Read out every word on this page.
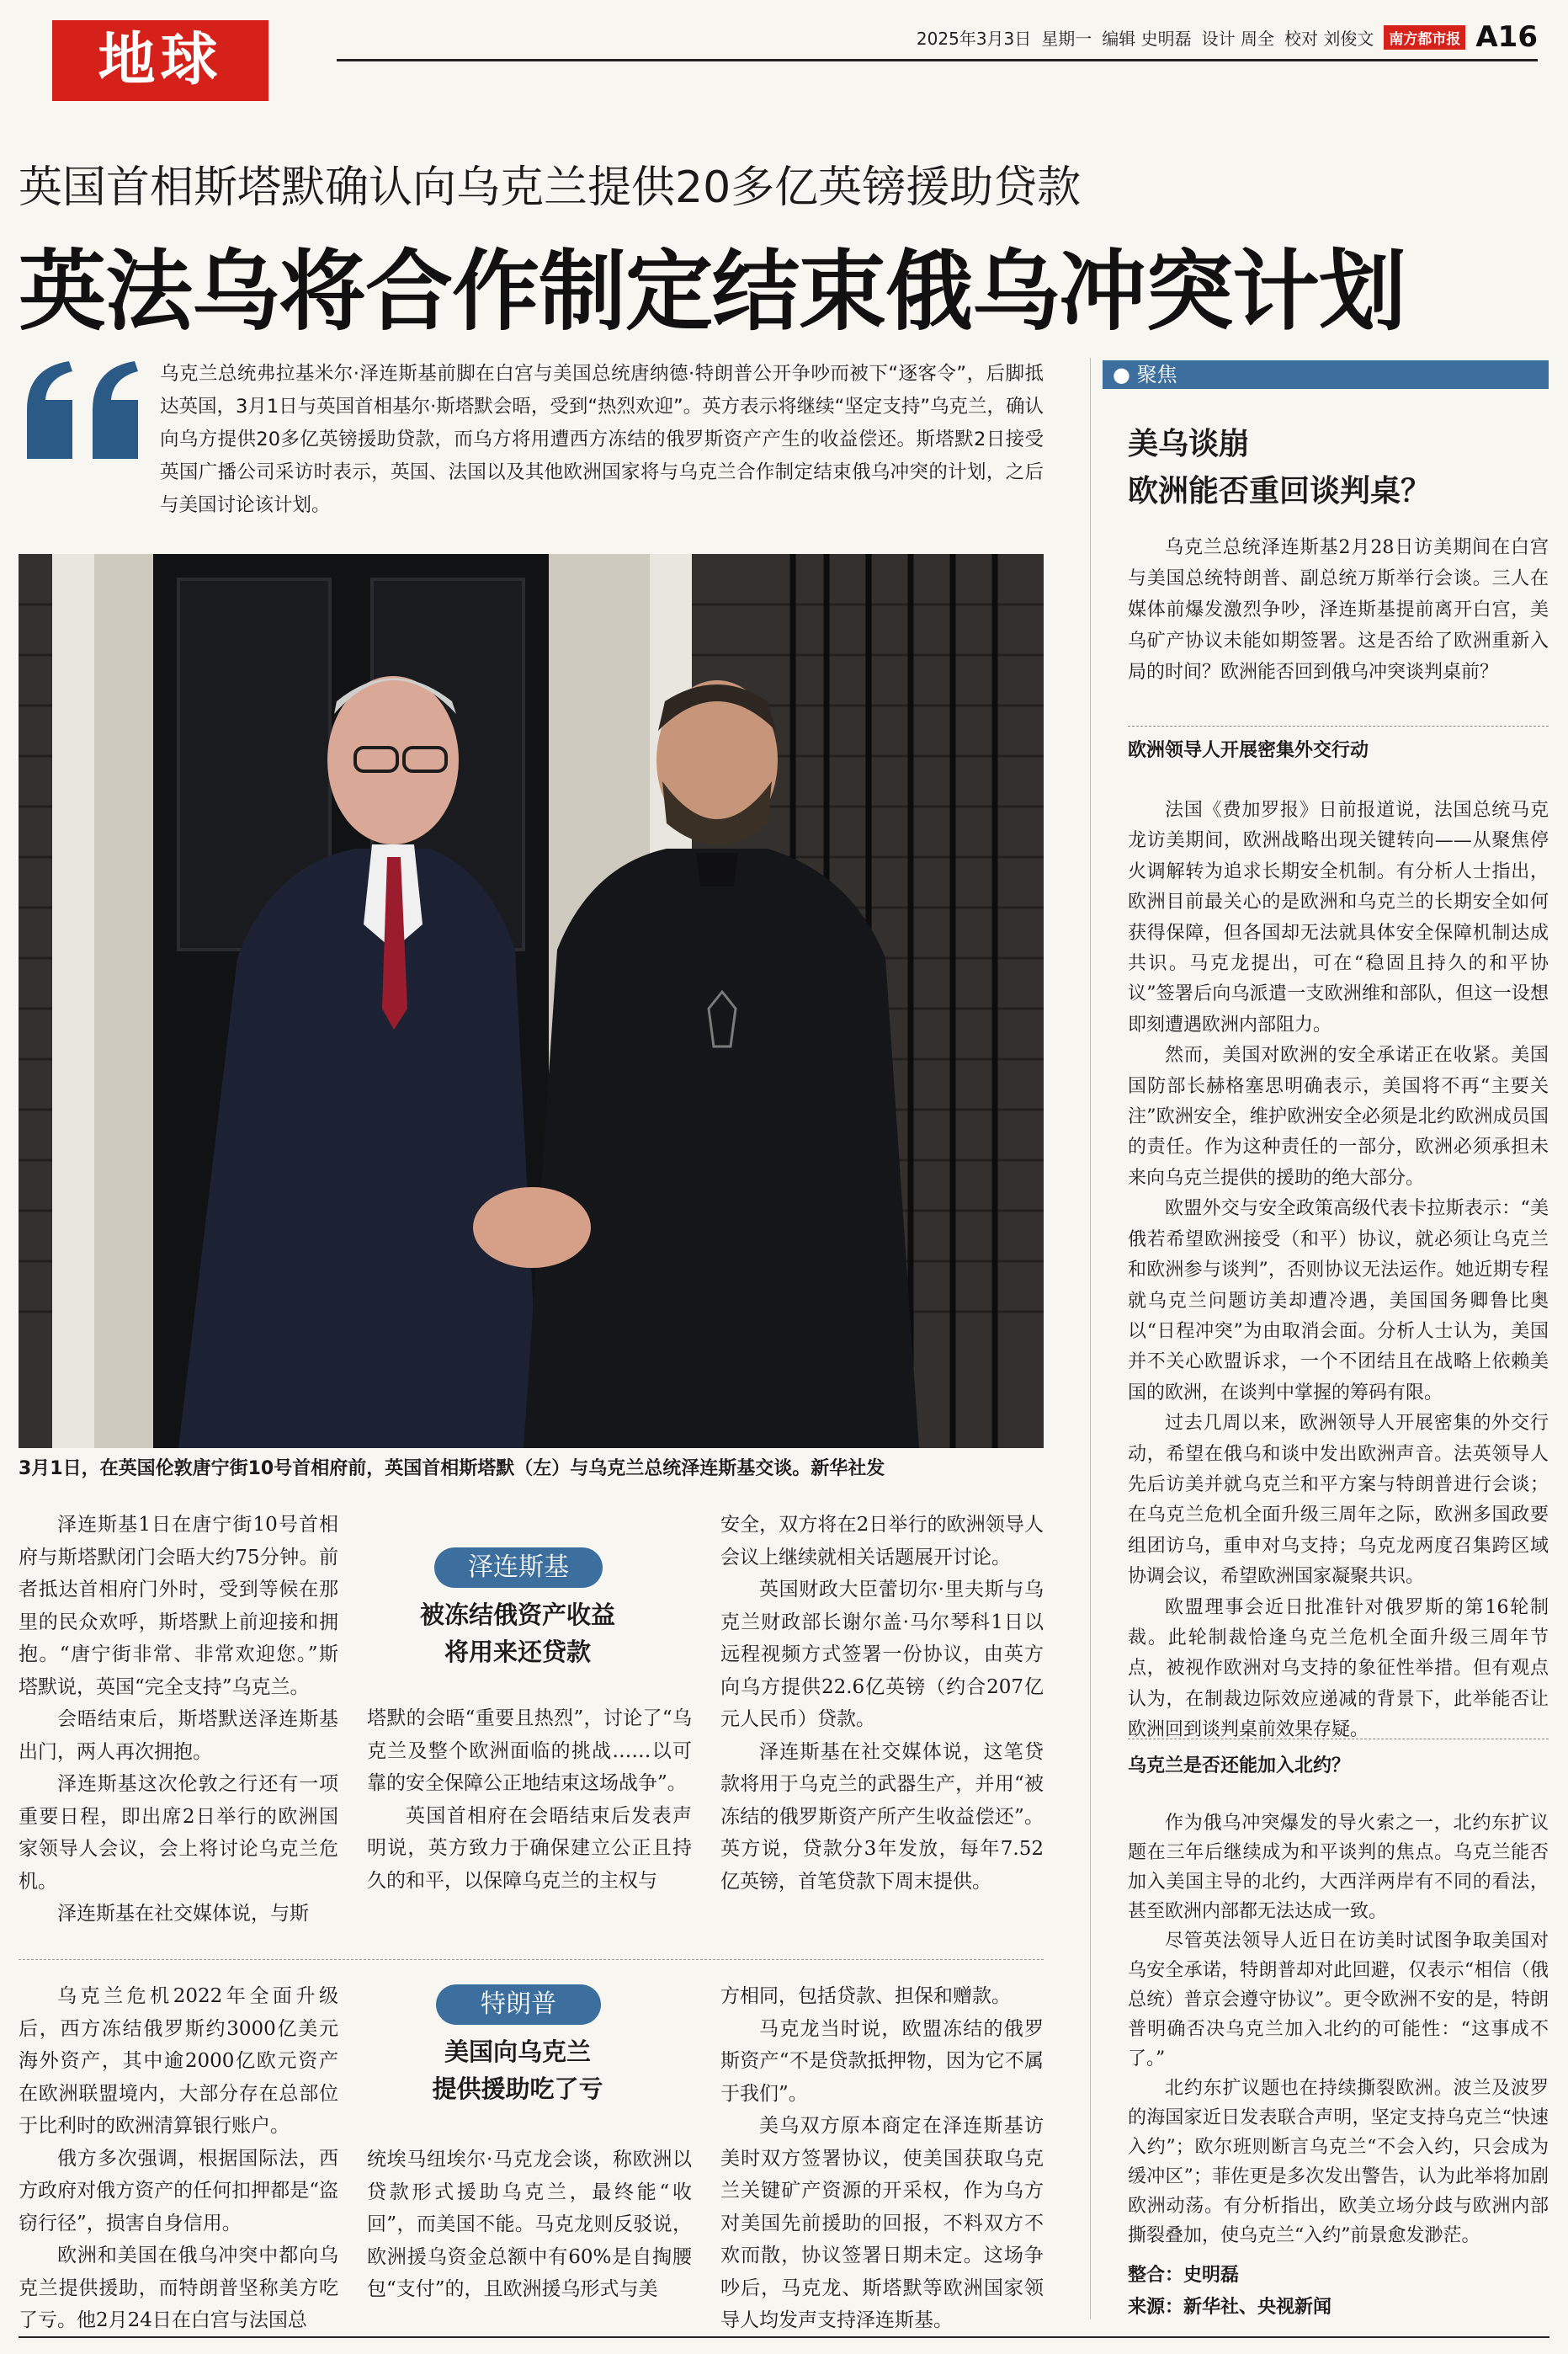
地球	2025年3月3日 星期一 编辑 史明磊 设计 周全 校对 刘俊文	南方都市报 A16
英国首相斯塔默确认向乌克兰提供20多亿英镑援助贷款
英法乌将合作制定结束俄乌冲突计划
乌克兰总统弗拉基米尔·泽连斯基前脚在白宫与美国总统唐纳德·特朗普公开争吵而被下“逐客令”，后脚抵达英国，3月1日与英国首相基尔·斯塔默会晤，受到“热烈欢迎”。英方表示将继续“坚定支持”乌克兰，确认向乌方提供20多亿英镑援助贷款，而乌方将用遭西方冻结的俄罗斯资产产生的收益偿还。斯塔默2日接受英国广播公司采访时表示，英国、法国以及其他欧洲国家将与乌克兰合作制定结束俄乌冲突的计划，之后与美国讨论该计划。
3月1日，在英国伦敦唐宁街10号首相府前，英国首相斯塔默（左）与乌克兰总统泽连斯基交谈。新华社发

泽连斯基1日在唐宁街10号首相府与斯塔默闭门会晤大约75分钟。前者抵达首相府门外时，受到等候在那里的民众欢呼，斯塔默上前迎接和拥抱。“唐宁街非常、非常欢迎您。”斯塔默说，英国“完全支持”乌克兰。

会晤结束后，斯塔默送泽连斯基出门，两人再次拥抱。

泽连斯基这次伦敦之行还有一项重要日程，即出席2日举行的欧洲国家领导人会议，会上将讨论乌克兰危机。

泽连斯基在社交媒体说，与斯

泽连斯基
被冻结俄资产收益
将用来还贷款

塔默的会晤“重要且热烈”，讨论了“乌克兰及整个欧洲面临的挑战……以可靠的安全保障公正地结束这场战争”。

英国首相府在会晤结束后发表声明说，英方致力于确保建立公正且持久的和平，以保障乌克兰的主权与

安全，双方将在2日举行的欧洲领导人会议上继续就相关话题展开讨论。

英国财政大臣蕾切尔·里夫斯与乌克兰财政部长谢尔盖·马尔琴科1日以远程视频方式签署一份协议，由英方向乌方提供22.6亿英镑（约合207亿元人民币）贷款。

泽连斯基在社交媒体说，这笔贷款将用于乌克兰的武器生产，并用“被冻结的俄罗斯资产所产生收益偿还”。英方说，贷款分3年发放，每年7.52亿英镑，首笔贷款下周末提供。

乌克兰危机2022年全面升级后，西方冻结俄罗斯约3000亿美元海外资产，其中逾2000亿欧元资产在欧洲联盟境内，大部分存在总部位于比利时的欧洲清算银行账户。

俄方多次强调，根据国际法，西方政府对俄方资产的任何扣押都是“盗窃行径”，损害自身信用。

欧洲和美国在俄乌冲突中都向乌克兰提供援助，而特朗普坚称美方吃了亏。他2月24日在白宫与法国总

特朗普
美国向乌克兰
提供援助吃了亏

统埃马纽埃尔·马克龙会谈，称欧洲以贷款形式援助乌克兰，最终能“收回”，而美国不能。马克龙则反驳说，欧洲援乌资金总额中有60%是自掏腰包“支付”的，且欧洲援乌形式与美

方相同，包括贷款、担保和赠款。

马克龙当时说，欧盟冻结的俄罗斯资产“不是贷款抵押物，因为它不属于我们”。

美乌双方原本商定在泽连斯基访美时双方签署协议，使美国获取乌克兰关键矿产资源的开采权，作为乌方对美国先前援助的回报，不料双方不欢而散，协议签署日期未定。这场争吵后，马克龙、斯塔默等欧洲国家领导人均发声支持泽连斯基。

● 聚焦
美乌谈崩
欧洲能否重回谈判桌？

乌克兰总统泽连斯基2月28日访美期间在白宫与美国总统特朗普、副总统万斯举行会谈。三人在媒体前爆发激烈争吵，泽连斯基提前离开白宫，美乌矿产协议未能如期签署。这是否给了欧洲重新入局的时间？欧洲能否回到俄乌冲突谈判桌前？

欧洲领导人开展密集外交行动

法国《费加罗报》日前报道说，法国总统马克龙访美期间，欧洲战略出现关键转向——从聚焦停火调解转为追求长期安全机制。有分析人士指出，欧洲目前最关心的是欧洲和乌克兰的长期安全如何获得保障，但各国却无法就具体安全保障机制达成共识。马克龙提出，可在“稳固且持久的和平协议”签署后向乌派遣一支欧洲维和部队，但这一设想即刻遭遇欧洲内部阻力。

然而，美国对欧洲的安全承诺正在收紧。美国国防部长赫格塞思明确表示，美国将不再“主要关注”欧洲安全，维护欧洲安全必须是北约欧洲成员国的责任。作为这种责任的一部分，欧洲必须承担未来向乌克兰提供的援助的绝大部分。

欧盟外交与安全政策高级代表卡拉斯表示：“美俄若希望欧洲接受（和平）协议，就必须让乌克兰和欧洲参与谈判”，否则协议无法运作。她近期专程就乌克兰问题访美却遭冷遇，美国国务卿鲁比奥以“日程冲突”为由取消会面。分析人士认为，美国并不关心欧盟诉求，一个不团结且在战略上依赖美国的欧洲，在谈判中掌握的筹码有限。

过去几周以来，欧洲领导人开展密集的外交行动，希望在俄乌和谈中发出欧洲声音。法英领导人先后访美并就乌克兰和平方案与特朗普进行会谈；在乌克兰危机全面升级三周年之际，欧洲多国政要组团访乌，重申对乌支持；乌克龙两度召集跨区域协调会议，希望欧洲国家凝聚共识。

欧盟理事会近日批准针对俄罗斯的第16轮制裁。此轮制裁恰逢乌克兰危机全面升级三周年节点，被视作欧洲对乌支持的象征性举措。但有观点认为，在制裁边际效应递减的背景下，此举能否让欧洲回到谈判桌前效果存疑。

乌克兰是否还能加入北约？

作为俄乌冲突爆发的导火索之一，北约东扩议题在三年后继续成为和平谈判的焦点。乌克兰能否加入美国主导的北约，大西洋两岸有不同的看法，甚至欧洲内部都无法达成一致。

尽管英法领导人近日在访美时试图争取美国对乌安全承诺，特朗普却对此回避，仅表示“相信（俄总统）普京会遵守协议”。更令欧洲不安的是，特朗普明确否决乌克兰加入北约的可能性：“这事成不了。”

北约东扩议题也在持续撕裂欧洲。波兰及波罗的海国家近日发表联合声明，坚定支持乌克兰“快速入约”；欧尔班则断言乌克兰“不会入约，只会成为缓冲区”；菲佐更是多次发出警告，认为此举将加剧欧洲动荡。有分析指出，欧美立场分歧与欧洲内部撕裂叠加，使乌克兰“入约”前景愈发渺茫。

整合：史明磊
来源：新华社、央视新闻
